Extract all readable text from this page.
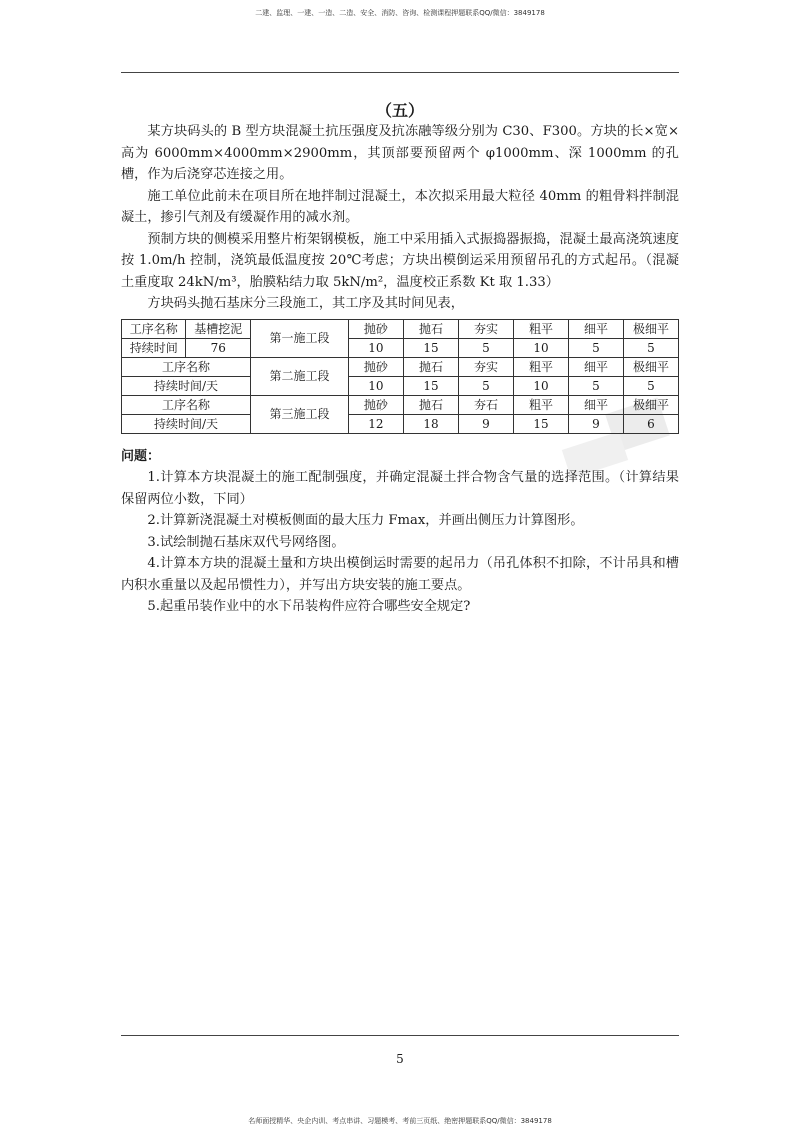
二建、监理、一建、一造、二造、安全、消防、咨询、检测课程押题联系QQ/微信：3849178
（五）

某方块码头的 B 型方块混凝土抗压强度及抗冻融等级分别为 C30、F300。方块的长×宽×高为 6000mm×4000mm×2900mm，其顶部要预留两个 φ1000mm、深 1000mm 的孔槽，作为后浇穿芯连接之用。

施工单位此前未在项目所在地拌制过混凝土，本次拟采用最大粒径 40mm 的粗骨料拌制混凝土，掺引气剂及有缓凝作用的减水剂。

预制方块的侧模采用整片桁架钢模板，施工中采用插入式振捣器振捣，混凝土最高浇筑速度按 1.0m/h 控制，浇筑最低温度按 20℃考虑；方块出模倒运采用预留吊孔的方式起吊。（混凝土重度取 24kN/m³，胎膜粘结力取 5kN/m²，温度校正系数 Kt 取 1.33）

方块码头抛石基床分三段施工，其工序及其时间见表，

工序名称	基槽挖泥	第一施工段	抛砂	抛石	夯实	粗平	细平	极细平
持续时间	76		10	15	5	10	5	5
工序名称		第二施工段	抛砂	抛石	夯实	粗平	细平	极细平
持续时间/天			10	15	5	10	5	5
工序名称		第三施工段	抛砂	抛石	夯石	粗平	细平	极细平
持续时间/天			12	18	9	15	9	6
问题：

1.计算本方块混凝土的施工配制强度，并确定混凝土拌合物含气量的选择范围。（计算结果保留两位小数，下同）

2.计算新浇混凝土对模板侧面的最大压力 Fmax，并画出侧压力计算图形。

3.试绘制抛石基床双代号网络图。

4.计算本方块的混凝土量和方块出模倒运时需要的起吊力（吊孔体积不扣除，不计吊具和槽内积水重量以及起吊惯性力），并写出方块安装的施工要点。

5.起重吊装作业中的水下吊装构件应符合哪些安全规定?

5
名师面授精华、央企内训、考点串讲、习题模考、考前三页纸、绝密押题联系QQ/微信：3849178
